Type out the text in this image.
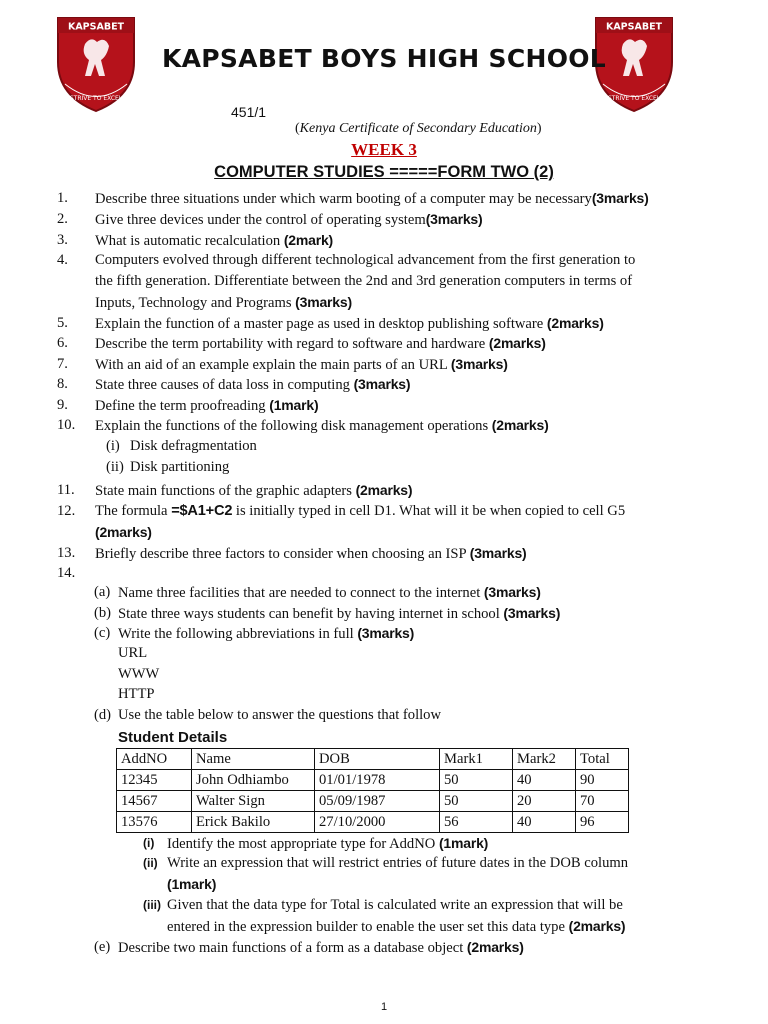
KAPSABET
STRIVE TO EXCEL
KAPSABET
STRIVE TO EXCEL
KAPSABET BOYS HIGH SCHOOL
451/1
(Kenya Certificate of Secondary Education)
WEEK 3
COMPUTER STUDIES =====FORM TWO (2)
1. Describe three situations under which warm booting of a computer may be necessary(3marks)
2. Give three devices under the control of operating system(3marks)
3. What is automatic recalculation (2mark)
4. Computers evolved through different technological advancement from the first generation to
the fifth generation. Differentiate between the 2nd and 3rd generation computers in terms of
Inputs, Technology and Programs (3marks)
5. Explain the function of a master page as used in desktop publishing software (2marks)
6. Describe the term portability with regard to software and hardware (2marks)
7. With an aid of an example explain the main parts of an URL (3marks)
8. State three causes of data loss in computing (3marks)
9. Define the term proofreading (1mark)
10. Explain the functions of the following disk management operations (2marks)
(i) Disk defragmentation
(ii) Disk partitioning
11. State main functions of the graphic adapters (2marks)
12. The formula =$A1+C2 is initially typed in cell D1. What will it be when copied to cell G5
(2marks)
13. Briefly describe three factors to consider when choosing an ISP (3marks)
14.
(a) Name three facilities that are needed to connect to the internet (3marks)
(b) State three ways students can benefit by having internet in school (3marks)
(c) Write the following abbreviations in full (3marks)
URL
WWW
HTTP
(d) Use the table below to answer the questions that follow
Student Details
AddNO	Name	DOB	Mark1	Mark2	Total
12345	John Odhiambo	01/01/1978	50	40	90
14567	Walter Sign	05/09/1987	50	20	70
13576	Erick Bakilo	27/10/2000	56	40	96
(i) Identify the most appropriate type for AddNO (1mark)
(ii) Write an expression that will restrict entries of future dates in the DOB column
(1mark)
(iii) Given that the data type for Total is calculated write an expression that will be
entered in the expression builder to enable the user set this data type (2marks)
(e) Describe two main functions of a form as a database object (2marks)
1
